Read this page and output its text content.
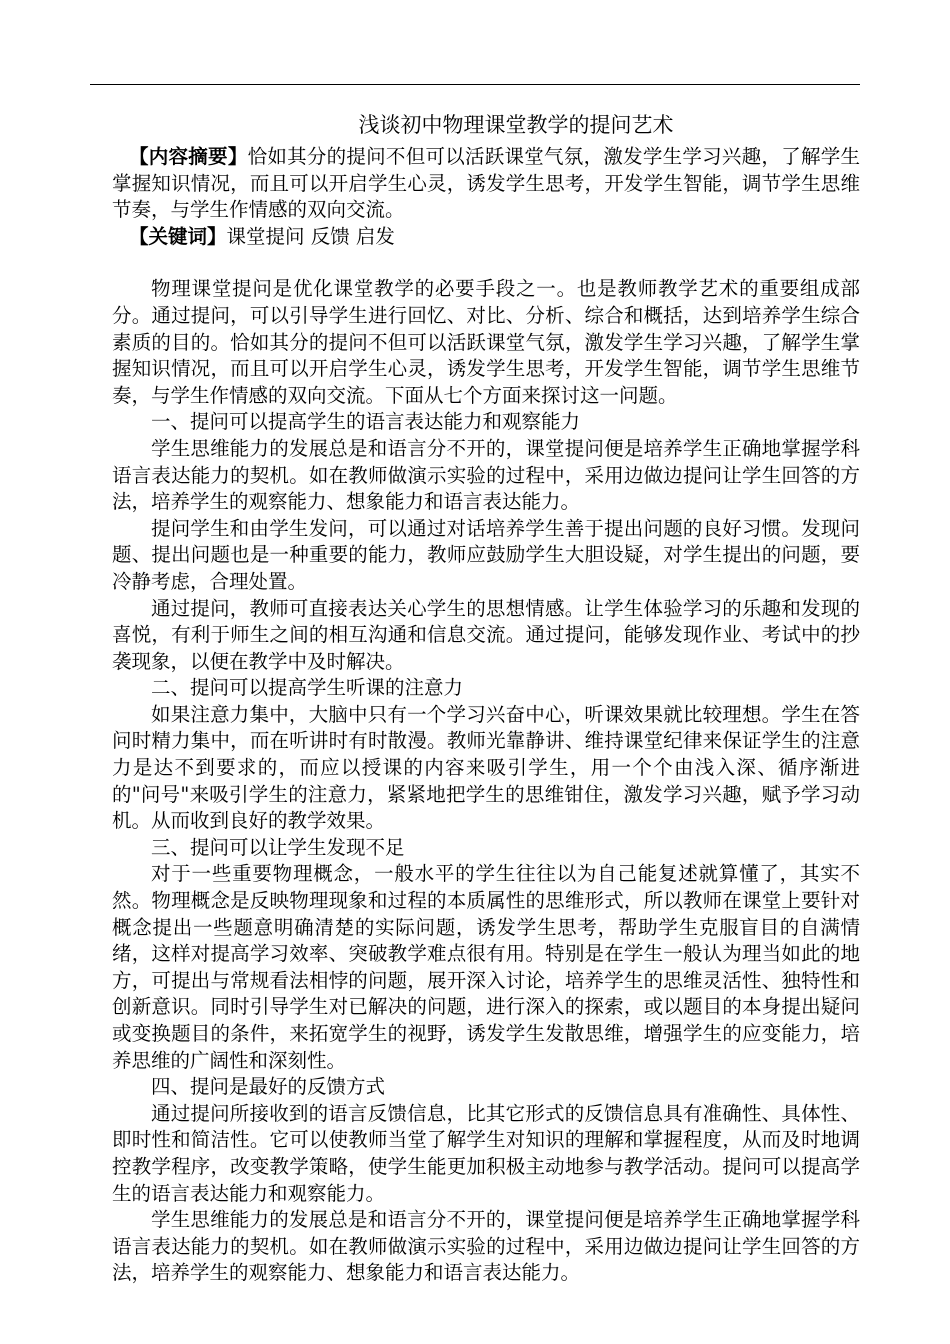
浅谈初中物理课堂教学的提问艺术

【内容摘要】恰如其分的提问不但可以活跃课堂气氛，激发学生学习兴趣，了解学生掌握知识情况，而且可以开启学生心灵，诱发学生思考，开发学生智能，调节学生思维节奏，与学生作情感的双向交流。

【关键词】课堂提问 反馈 启发

物理课堂提问是优化课堂教学的必要手段之一。也是教师教学艺术的重要组成部分。通过提问，可以引导学生进行回忆、对比、分析、综合和概括，达到培养学生综合素质的目的。恰如其分的提问不但可以活跃课堂气氛，激发学生学习兴趣，了解学生掌握知识情况，而且可以开启学生心灵，诱发学生思考，开发学生智能，调节学生思维节奏，与学生作情感的双向交流。下面从七个方面来探讨这一问题。

一、提问可以提高学生的语言表达能力和观察能力

学生思维能力的发展总是和语言分不开的，课堂提问便是培养学生正确地掌握学科语言表达能力的契机。如在教师做演示实验的过程中，采用边做边提问让学生回答的方法，培养学生的观察能力、想象能力和语言表达能力。

提问学生和由学生发问，可以通过对话培养学生善于提出问题的良好习惯。发现问题、提出问题也是一种重要的能力，教师应鼓励学生大胆设疑，对学生提出的问题，要冷静考虑，合理处置。

通过提问，教师可直接表达关心学生的思想情感。让学生体验学习的乐趣和发现的喜悦，有利于师生之间的相互沟通和信息交流。通过提问，能够发现作业、考试中的抄袭现象，以便在教学中及时解决。

二、提问可以提高学生听课的注意力

如果注意力集中，大脑中只有一个学习兴奋中心，听课效果就比较理想。学生在答问时精力集中，而在听讲时有时散漫。教师光靠静讲、维持课堂纪律来保证学生的注意力是达不到要求的，而应以授课的内容来吸引学生，用一个个由浅入深、循序渐进的"问号"来吸引学生的注意力，紧紧地把学生的思维钳住，激发学习兴趣，赋予学习动机。从而收到良好的教学效果。

三、提问可以让学生发现不足

对于一些重要物理概念，一般水平的学生往往以为自己能复述就算懂了，其实不然。物理概念是反映物理现象和过程的本质属性的思维形式，所以教师在课堂上要针对概念提出一些题意明确清楚的实际问题，诱发学生思考，帮助学生克服盲目的自满情绪，这样对提高学习效率、突破教学难点很有用。特别是在学生一般认为理当如此的地方，可提出与常规看法相悖的问题，展开深入讨论，培养学生的思维灵活性、独特性和创新意识。同时引导学生对已解决的问题，进行深入的探索，或以题目的本身提出疑问或变换题目的条件，来拓宽学生的视野，诱发学生发散思维，增强学生的应变能力，培养思维的广阔性和深刻性。

四、提问是最好的反馈方式

通过提问所接收到的语言反馈信息，比其它形式的反馈信息具有准确性、具体性、即时性和简洁性。它可以使教师当堂了解学生对知识的理解和掌握程度，从而及时地调控教学程序，改变教学策略，使学生能更加积极主动地参与教学活动。提问可以提高学生的语言表达能力和观察能力。

学生思维能力的发展总是和语言分不开的，课堂提问便是培养学生正确地掌握学科语言表达能力的契机。如在教师做演示实验的过程中，采用边做边提问让学生回答的方法，培养学生的观察能力、想象能力和语言表达能力。
